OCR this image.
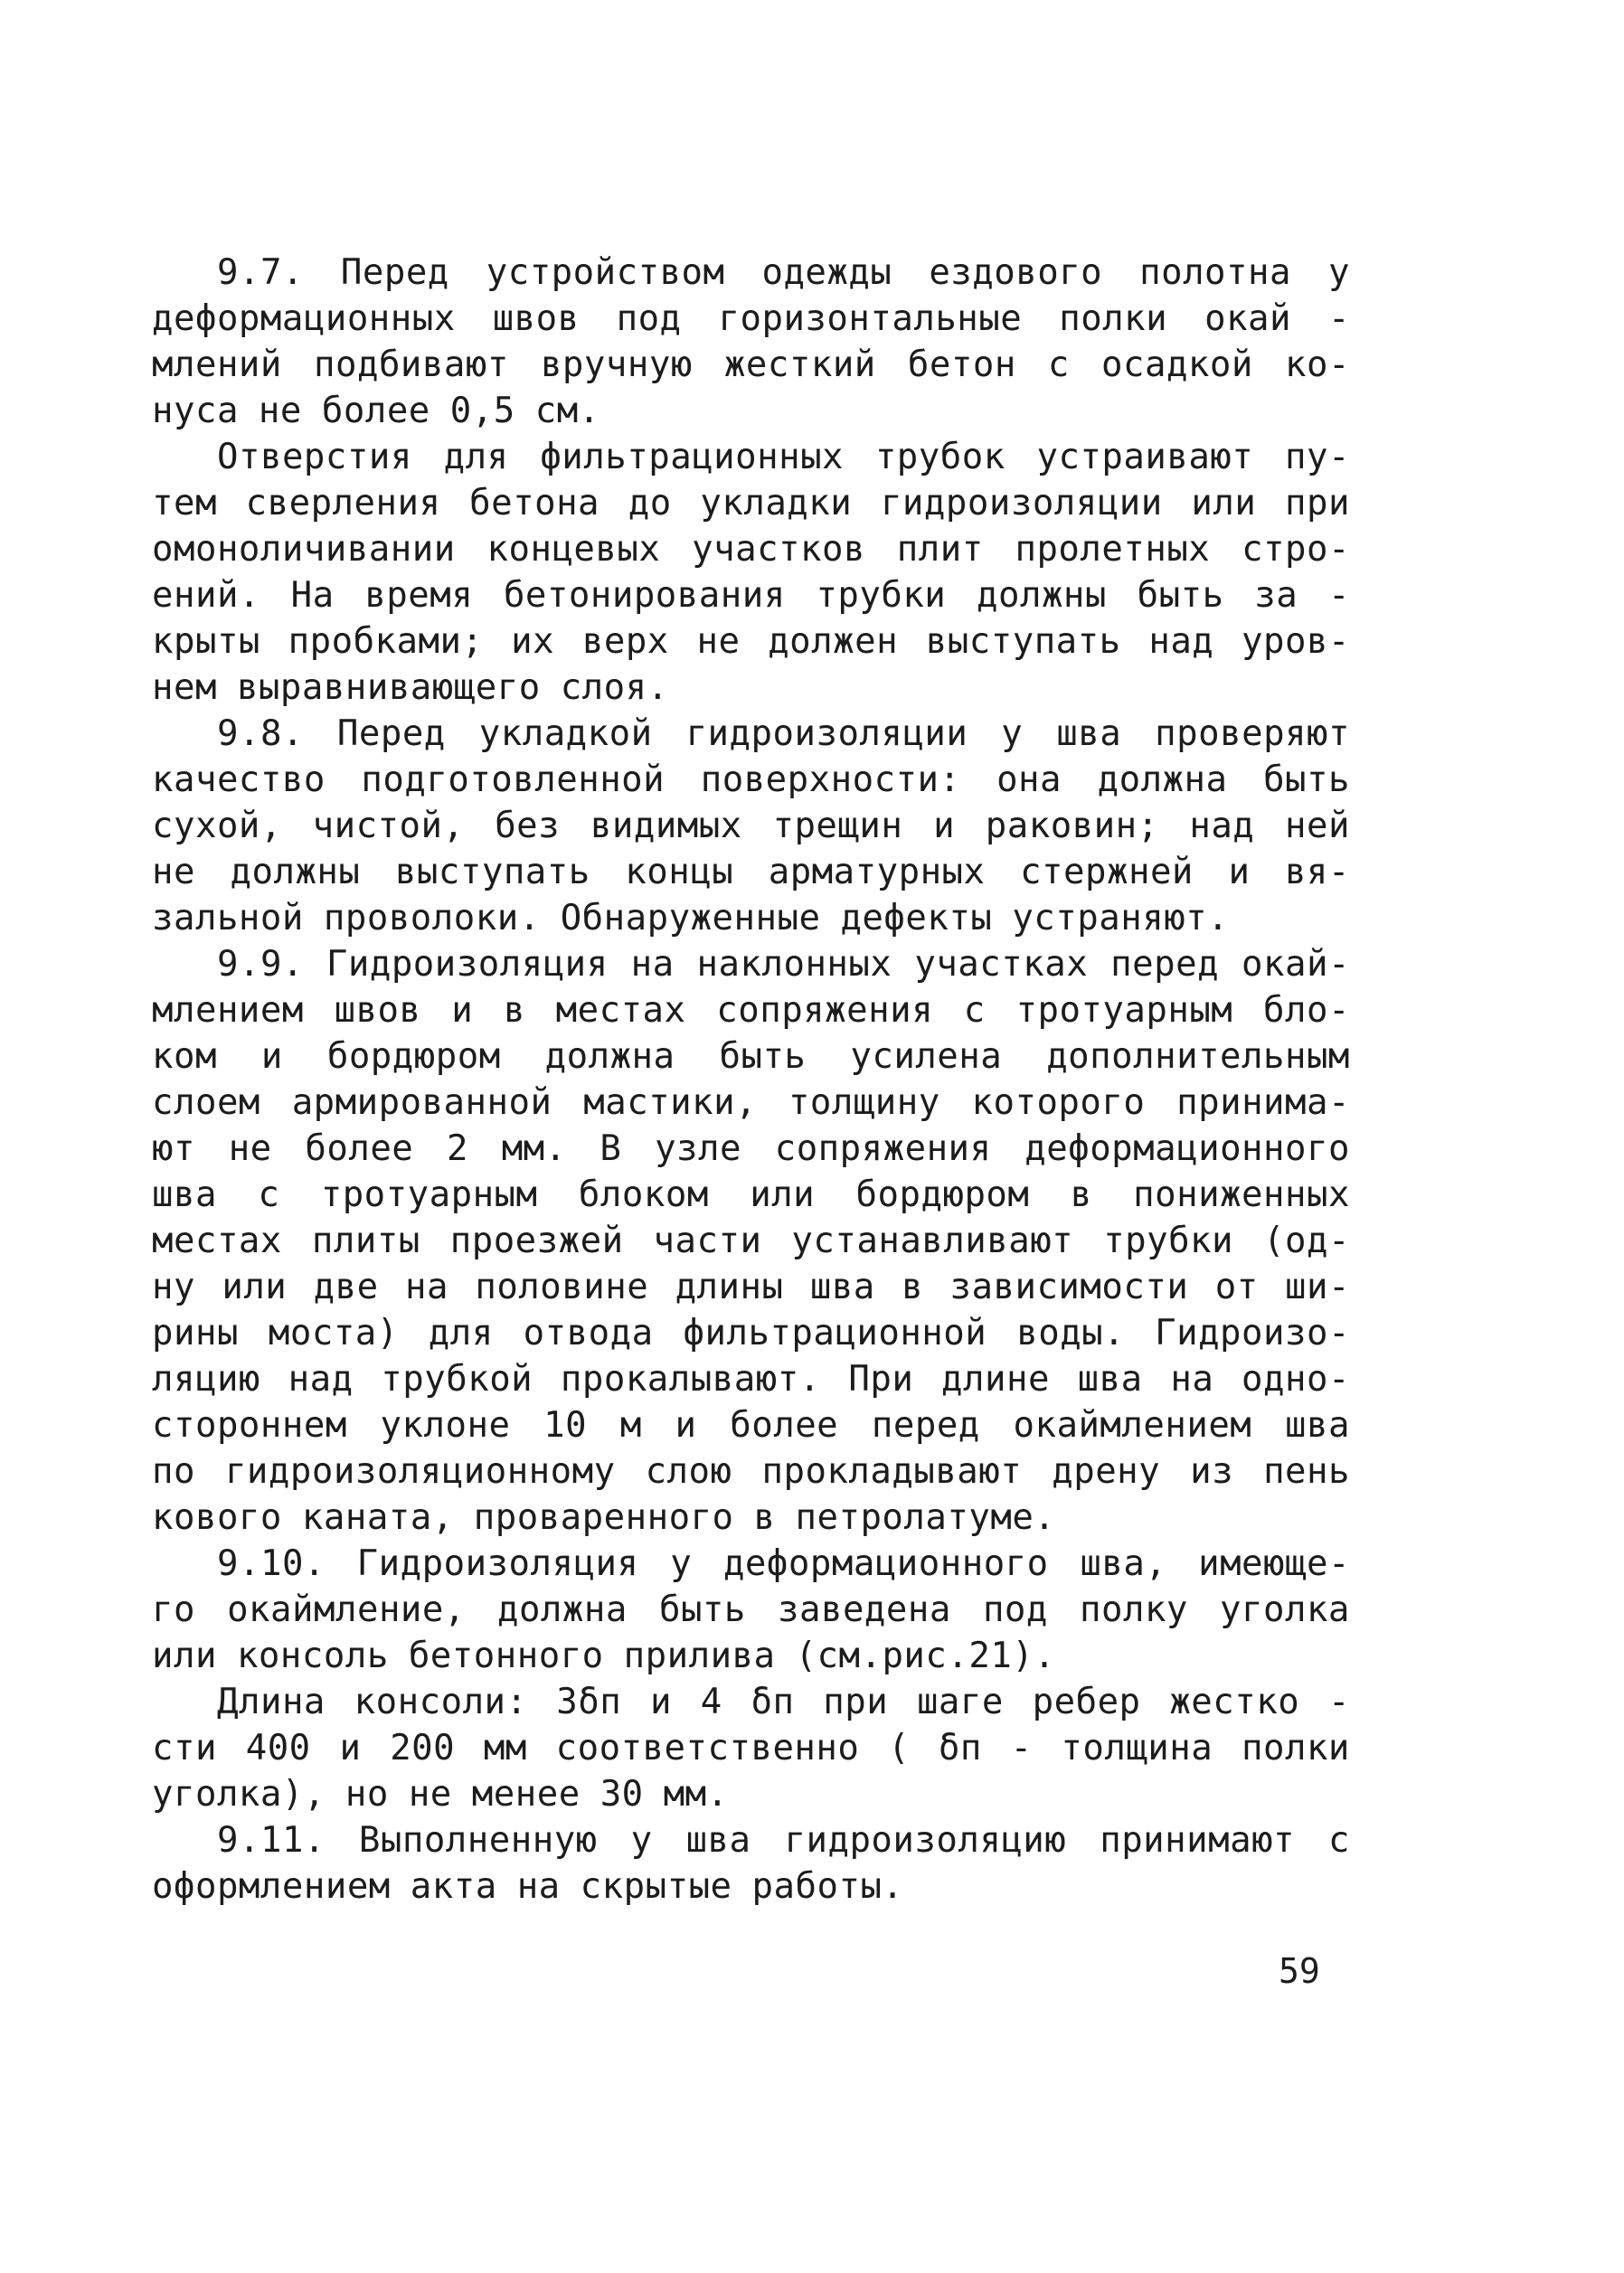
9.7. Перед устройством одежды ездового полотна у
деформационных швов под горизонтальные полки окай -
млений подбивают вручную жесткий бетон с осадкой ко-
нуса не более 0,5 см.
Отверстия для фильтрационных трубок устраивают пу-
тем сверления бетона до укладки гидроизоляции или при
омоноличивании концевых участков плит пролетных стро-
ений. На время бетонирования трубки должны быть за -
крыты пробками; их верх не должен выступать над уров-
нем выравнивающего слоя.
9.8. Перед укладкой гидроизоляции у шва проверяют
качество подготовленной поверхности: она должна быть
сухой, чистой, без видимых трещин и раковин; над ней
не должны выступать концы арматурных стержней и вя-
зальной проволоки. Обнаруженные дефекты устраняют.
9.9. Гидроизоляция на наклонных участках перед окай-
млением швов и в местах сопряжения с тротуарным бло-
ком и бордюром должна быть усилена дополнительным
слоем армированной мастики, толщину которого принима-
ют не более 2 мм. В узле сопряжения деформационного
шва с тротуарным блоком или бордюром в пониженных
местах плиты проезжей части устанавливают трубки (од-
ну или две на половине длины шва в зависимости от ши-
рины моста) для отвода фильтрационной воды. Гидроизо-
ляцию над трубкой прокалывают. При длине шва на одно-
стороннем уклоне 10 м и более перед окаймлением шва
по гидроизоляционному слою прокладывают дрену из пень
кового каната, проваренного в петролатуме.
9.10. Гидроизоляция у деформационного шва, имеюще-
го окаймление, должна быть заведена под полку уголка
или консоль бетонного прилива (см.рис.21).
Длина консоли: 3δп и 4 δп при шаге ребер жестко -
сти 400 и 200 мм соответственно ( δп - толщина полки
уголка), но не менее 30 мм.
9.11. Выполненную у шва гидроизоляцию принимают с
оформлением акта на скрытые работы.
59
